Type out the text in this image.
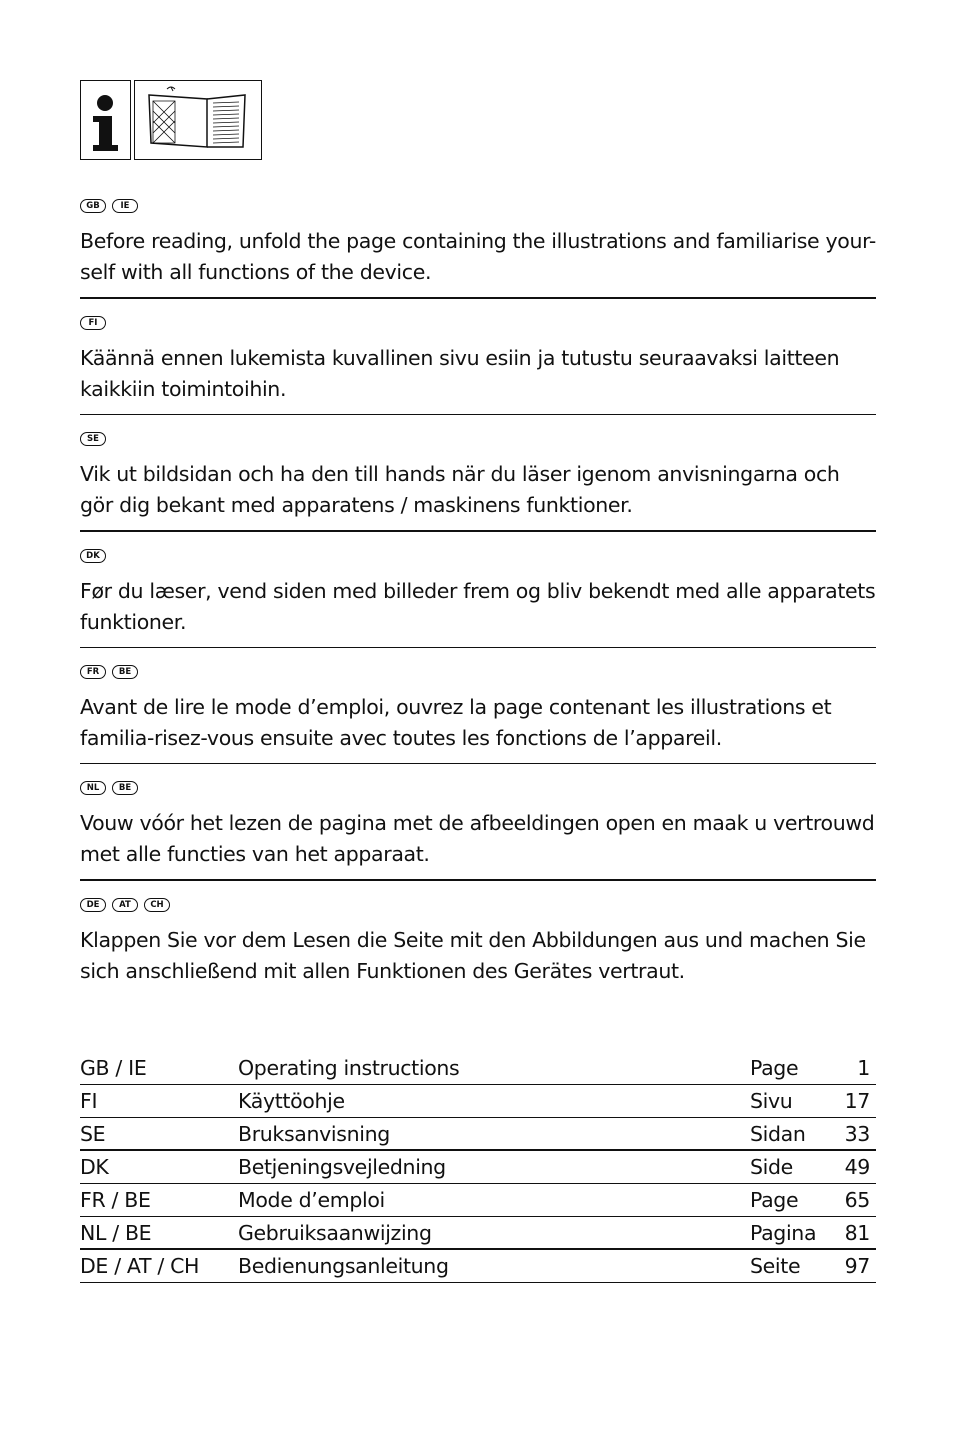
GB	IE
Before reading, unfold the page containing the illustrations and familiarise your-self with all functions of the device.
FI
Käännä ennen lukemista kuvallinen sivu esiin ja tutustu seuraavaksi laitteen kaikkiin toimintoihin.
SE
Vik ut bildsidan och ha den till hands när du läser igenom anvisningarna och gör dig bekant med apparatens / maskinens funktioner.
DK
Før du læser, vend siden med billeder frem og bliv bekendt med alle apparatets funktioner.
FR	BE
Avant de lire le mode d’emploi, ouvrez la page contenant les illustrations et familia-risez-vous ensuite avec toutes les fonctions de l’appareil.
NL	BE
Vouw vóór het lezen de pagina met de afbeeldingen open en maak u vertrouwd met alle functies van het apparaat.
DE	AT	CH
Klappen Sie vor dem Lesen die Seite mit den Abbildungen aus und machen Sie sich anschließend mit allen Funktionen des Gerätes vertraut.
GB / IE	Operating instructions	Page	1
FI	Käyttöohje	Sivu	17
SE	Bruksanvisning	Sidan	33
DK	Betjeningsvejledning	Side	49
FR / BE	Mode d’emploi	Page	65
NL / BE	Gebruiksaanwijzing	Pagina	81
DE / AT / CH	Bedienungsanleitung	Seite	97
